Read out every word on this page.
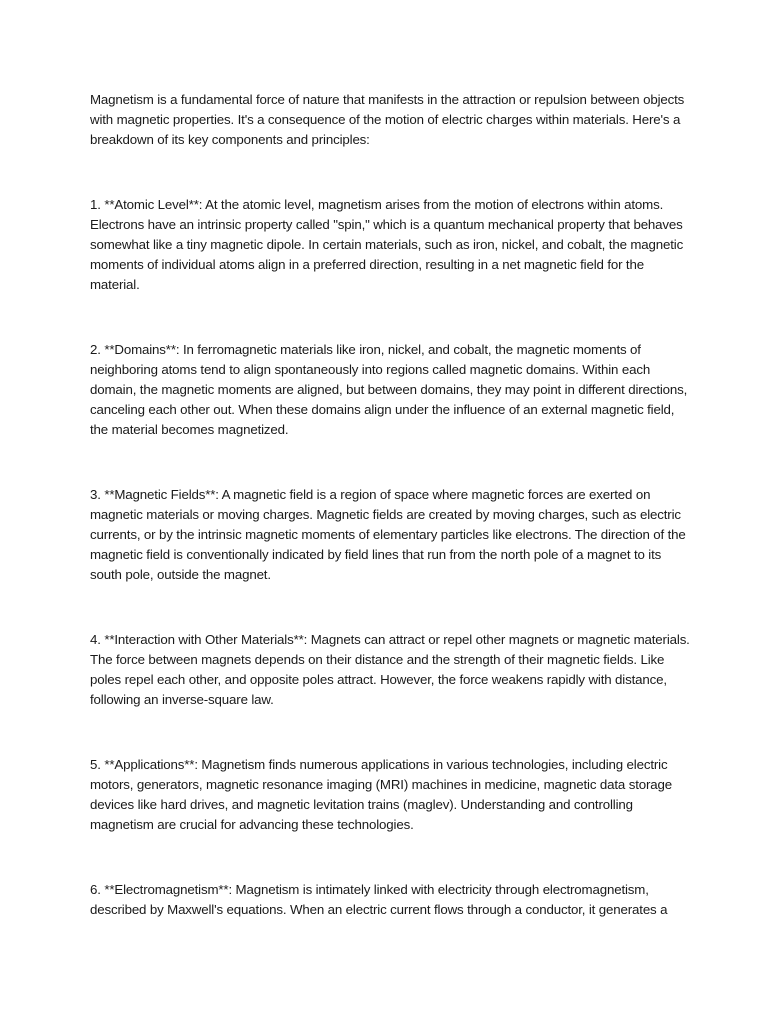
Magnetism is a fundamental force of nature that manifests in the attraction or repulsion between objects with magnetic properties. It's a consequence of the motion of electric charges within materials. Here's a breakdown of its key components and principles:

1. **Atomic Level**: At the atomic level, magnetism arises from the motion of electrons within atoms. Electrons have an intrinsic property called "spin," which is a quantum mechanical property that behaves somewhat like a tiny magnetic dipole. In certain materials, such as iron, nickel, and cobalt, the magnetic moments of individual atoms align in a preferred direction, resulting in a net magnetic field for the material.

2. **Domains**: In ferromagnetic materials like iron, nickel, and cobalt, the magnetic moments of neighboring atoms tend to align spontaneously into regions called magnetic domains. Within each domain, the magnetic moments are aligned, but between domains, they may point in different directions, canceling each other out. When these domains align under the influence of an external magnetic field, the material becomes magnetized.

3. **Magnetic Fields**: A magnetic field is a region of space where magnetic forces are exerted on magnetic materials or moving charges. Magnetic fields are created by moving charges, such as electric currents, or by the intrinsic magnetic moments of elementary particles like electrons. The direction of the magnetic field is conventionally indicated by field lines that run from the north pole of a magnet to its south pole, outside the magnet.

4. **Interaction with Other Materials**: Magnets can attract or repel other magnets or magnetic materials. The force between magnets depends on their distance and the strength of their magnetic fields. Like poles repel each other, and opposite poles attract. However, the force weakens rapidly with distance, following an inverse-square law.

5. **Applications**: Magnetism finds numerous applications in various technologies, including electric motors, generators, magnetic resonance imaging (MRI) machines in medicine, magnetic data storage devices like hard drives, and magnetic levitation trains (maglev). Understanding and controlling magnetism are crucial for advancing these technologies.

6. **Electromagnetism**: Magnetism is intimately linked with electricity through electromagnetism, described by Maxwell's equations. When an electric current flows through a conductor, it generates a
